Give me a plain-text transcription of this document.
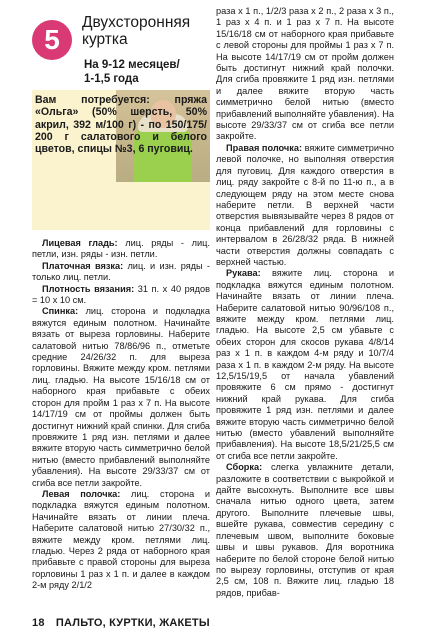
5
Двухсторонняя
куртка
На 9-12 месяцев/
1-1,5 года
Вам потребуется: пряжа «Ольга» (50% шерсть, 50% акрил, 392 м/100 г) - по 150/175/ 200 г салатового и белого цветов, спицы №3, 6 пуговиц.

Лицевая гладь: лиц. ряды - лиц. петли, изн. ряды - изн. петли.

Платочная вязка: лиц. и изн. ряды - только лиц. петли.

Плотность вязания: 31 п. х 40 рядов = 10 х 10 см.

Спинка: лиц. сторона и подкладка вяжутся единым полотном. Начинайте вязать от выреза горловины. Наберите салатовой нитью 78/86/96 п., отметьте средние 24/26/32 п. для выреза горловины. Вяжите между кром. петлями лиц. гладью. На высоте 15/16/18 см от наборного края прибавьте с обеих сторон для пройм 1 раз х 7 п. На высоте 14/17/19 см от проймы должен быть достигнут нижний край спинки. Для сгиба провяжите 1 ряд изн. петлями и далее вяжите вторую часть симметрично белой нитью (вместо прибавлений выполняйте убавления). На высоте 29/33/37 см от сгиба все петли закройте.

Левая полочка: лиц. сторона и подкладка вяжутся единым полотном. Начинайте вязать от линии плеча. Наберите салатовой нитью 27/30/32 п., вяжите между кром. петлями лиц. гладью. Через 2 ряда от наборного края прибавьте с правой стороны для выреза горловины 1 раз х 1 п. и далее в каждом 2-м ряду 2/1/2

раза х 1 п., 1/2/3 раза х 2 п., 2 раза х 3 п., 1 раз х 4 п. и 1 раз х 7 п. На высоте 15/16/18 см от наборного края прибавьте с левой стороны для проймы 1 раз х 7 п. На высоте 14/17/19 см от пройм должен быть достигнут нижний край полочки. Для сгиба провяжите 1 ряд изн. петлями и далее вяжите вторую часть симметрично белой нитью (вместо прибавлений выполняйте убавления). На высоте 29/33/37 см от сгиба все петли закройте.

Правая полочка: вяжите симметрично левой полочке, но выполняя отверстия для пуговиц. Для каждого отверстия в лиц. ряду закройте с 8-й по 11-ю п., а в следующем ряду на этом месте снова наберите петли. В верхней части отверстия вывязывайте через 8 рядов от конца прибавлений для горловины с интервалом в 26/28/32 ряда. В нижней части отверстия должны совпадать с верхней частью.

Рукава: вяжите лиц. сторона и подкладка вяжутся единым полотном. Начинайте вязать от линии плеча. Наберите салатовой нитью 90/96/108 п., вяжите между кром. петлями лиц. гладью. На высоте 2,5 см убавьте с обеих сторон для скосов рукава 4/8/14 раз х 1 п. в каждом 4-м ряду и 10/7/4 раза х 1 п. в каждом 2-м ряду. На высоте 12,5/15/19,5 от начала убавлений провяжите 6 см прямо - достигнут нижний край рукава. Для сгиба провяжите 1 ряд изн. петлями и далее вяжите вторую часть симметрично белой нитью (вместо убавлений выполняйте прибавления). На высоте 18,5/21/25,5 см от сгиба все петли закройте.

Сборка: слегка увлажните детали, разложите в соответствии с выкройкой и дайте высохнуть. Выполните все швы сначала нитью одного цвета, затем другого. Выполните плечевые швы, вшейте рукава, совместив середину с плечевым швом, выполните боковые швы и швы рукавов. Для воротника наберите по белой стороне белой нитью по вырезу горловины, отступив от края 2,5 см, 108 п. Вяжите лиц. гладью 18 рядов, прибав-

18 ПАЛЬТО, КУРТКИ, ЖАКЕТЫ
